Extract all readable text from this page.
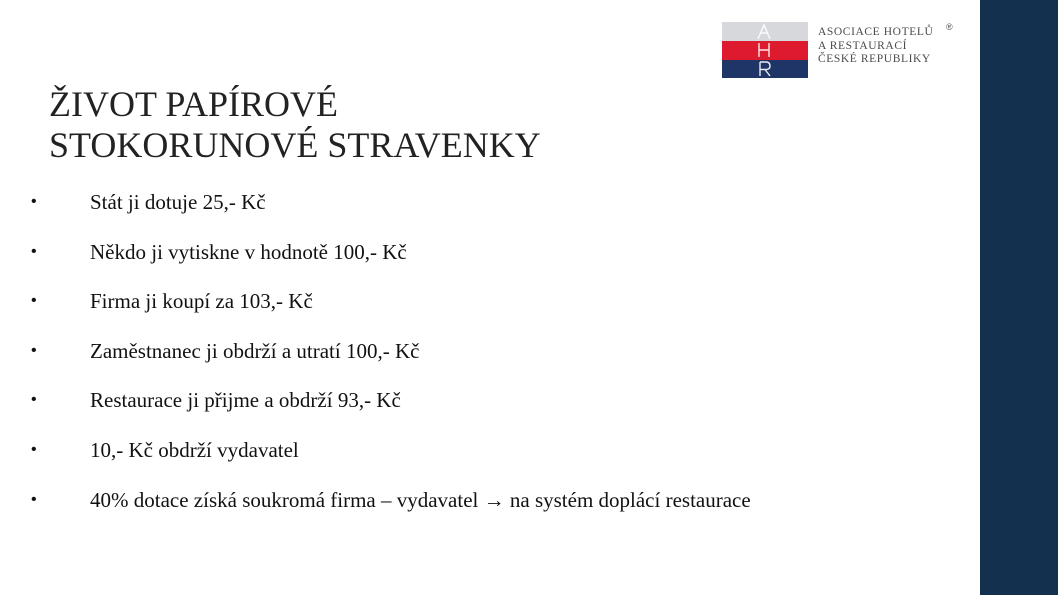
ASOCIACE HOTELŮ
A RESTAURACÍ
ČESKÉ REPUBLIKY
®
ŽIVOT PAPÍROVÉ
STOKORUNOVÉ STRAVENKY
•	Stát ji dotuje 25,- Kč
•	Někdo ji vytiskne v hodnotě 100,- Kč
•	Firma ji koupí za 103,- Kč
•	Zaměstnanec ji obdrží a utratí 100,- Kč
•	Restaurace ji přijme a obdrží 93,- Kč
•	10,- Kč obdrží vydavatel
•	40% dotace získá soukromá firma – vydavatel → na systém doplácí restaurace
